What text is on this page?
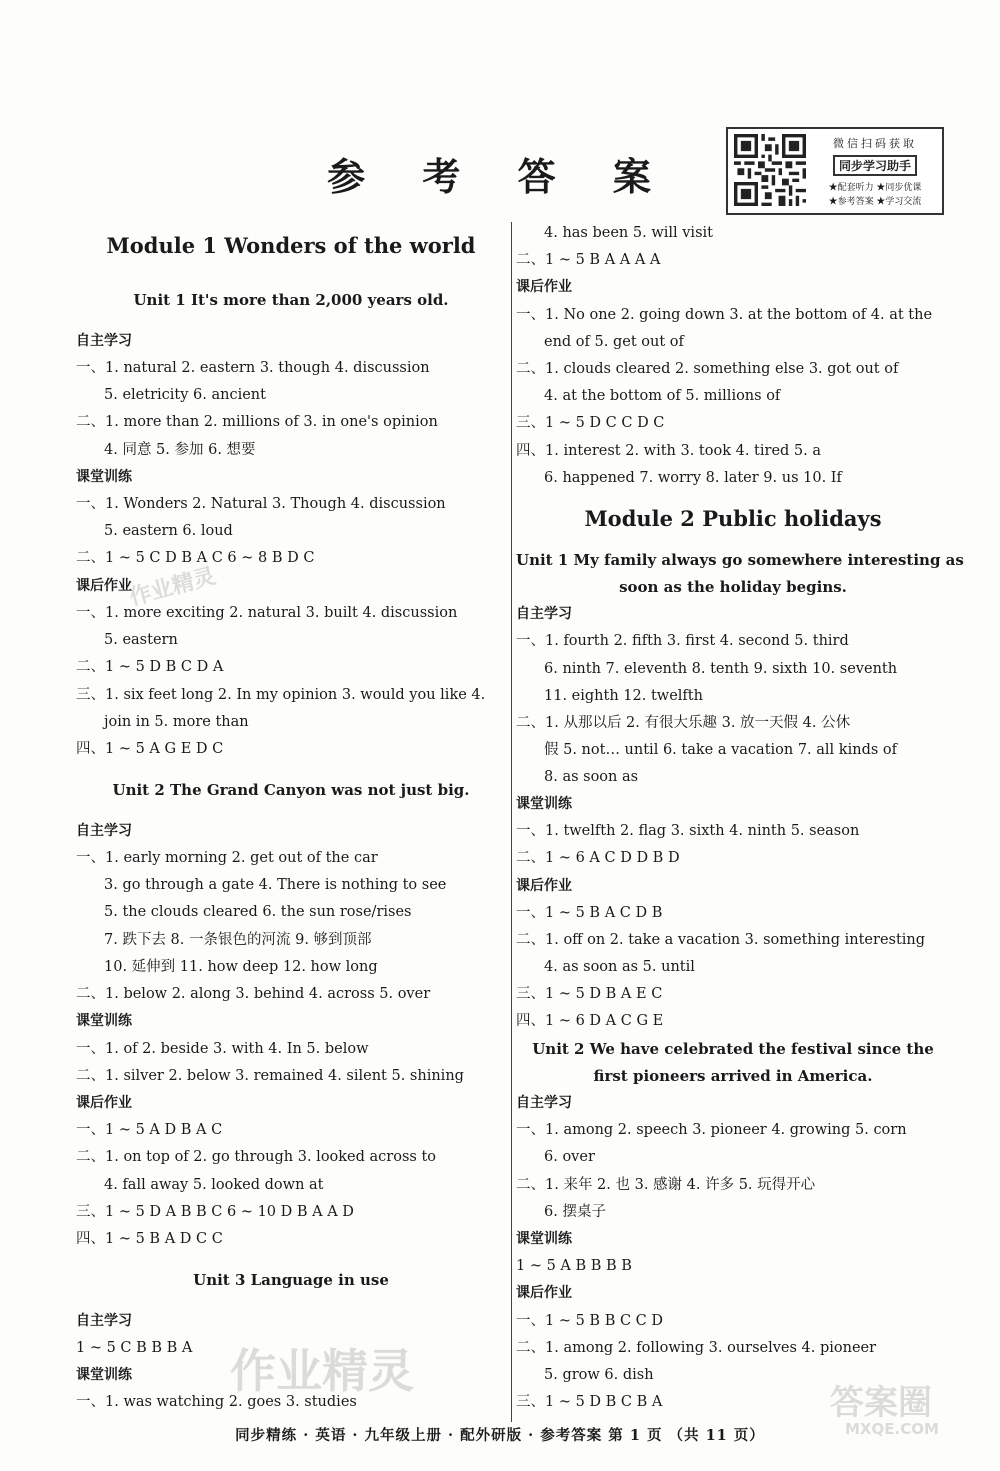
参 考 答 案
微信扫码获取
同步学习助手
★配套听力 ★同步优课
★参考答案 ★学习交流
Module 1 Wonders of the world
Unit 1 It's more than 2,000 years old.
自主学习
一、1. natural 2. eastern 3. though 4. discussion
5. eletricity 6. ancient
二、1. more than 2. millions of 3. in one's opinion
4. 同意 5. 参加 6. 想要
课堂训练
一、1. Wonders 2. Natural 3. Though 4. discussion
5. eastern 6. loud
二、1 ~ 5 C D B A C 6 ~ 8 B D C
课后作业
一、1. more exciting 2. natural 3. built 4. discussion
5. eastern
二、1 ~ 5 D B C D A
三、1. six feet long 2. In my opinion 3. would you like 4.
join in 5. more than
四、1 ~ 5 A G E D C
Unit 2 The Grand Canyon was not just big.
自主学习
一、1. early morning 2. get out of the car
3. go through a gate 4. There is nothing to see
5. the clouds cleared 6. the sun rose/rises
7. 跌下去 8. 一条银色的河流 9. 够到顶部
10. 延伸到 11. how deep 12. how long
二、1. below 2. along 3. behind 4. across 5. over
课堂训练
一、1. of 2. beside 3. with 4. In 5. below
二、1. silver 2. below 3. remained 4. silent 5. shining
课后作业
一、1 ~ 5 A D B A C
二、1. on top of 2. go through 3. looked across to
4. fall away 5. looked down at
三、1 ~ 5 D A B B C 6 ~ 10 D B A A D
四、1 ~ 5 B A D C C
Unit 3 Language in use
自主学习
1 ~ 5 C B B B A
课堂训练
一、1. was watching 2. goes 3. studies
4. has been 5. will visit
二、1 ~ 5 B A A A A
课后作业
一、1. No one 2. going down 3. at the bottom of 4. at the
end of 5. get out of
二、1. clouds cleared 2. something else 3. got out of
4. at the bottom of 5. millions of
三、1 ~ 5 D C C D C
四、1. interest 2. with 3. took 4. tired 5. a
6. happened 7. worry 8. later 9. us 10. If
Module 2 Public holidays
Unit 1 My family always go somewhere interesting as
soon as the holiday begins.
自主学习
一、1. fourth 2. fifth 3. first 4. second 5. third
6. ninth 7. eleventh 8. tenth 9. sixth 10. seventh
11. eighth 12. twelfth
二、1. 从那以后 2. 有很大乐趣 3. 放一天假 4. 公休
假 5. not… until 6. take a vacation 7. all kinds of
8. as soon as
课堂训练
一、1. twelfth 2. flag 3. sixth 4. ninth 5. season
二、1 ~ 6 A C D D B D
课后作业
一、1 ~ 5 B A C D B
二、1. off on 2. take a vacation 3. something interesting
4. as soon as 5. until
三、1 ~ 5 D B A E C
四、1 ~ 6 D A C G E
Unit 2 We have celebrated the festival since the
first pioneers arrived in America.
自主学习
一、1. among 2. speech 3. pioneer 4. growing 5. corn
6. over
二、1. 来年 2. 也 3. 感谢 4. 许多 5. 玩得开心
6. 摆桌子
课堂训练
1 ~ 5 A B B B B
课后作业
一、1 ~ 5 B B C C D
二、1. among 2. following 3. ourselves 4. pioneer
5. grow 6. dish
三、1 ~ 5 D B C B A
作业精灵
作业精灵
答案圈
MXQE.COM
同步精练 · 英语 · 九年级上册 · 配外研版 · 参考答案 第 1 页 （共 11 页）
